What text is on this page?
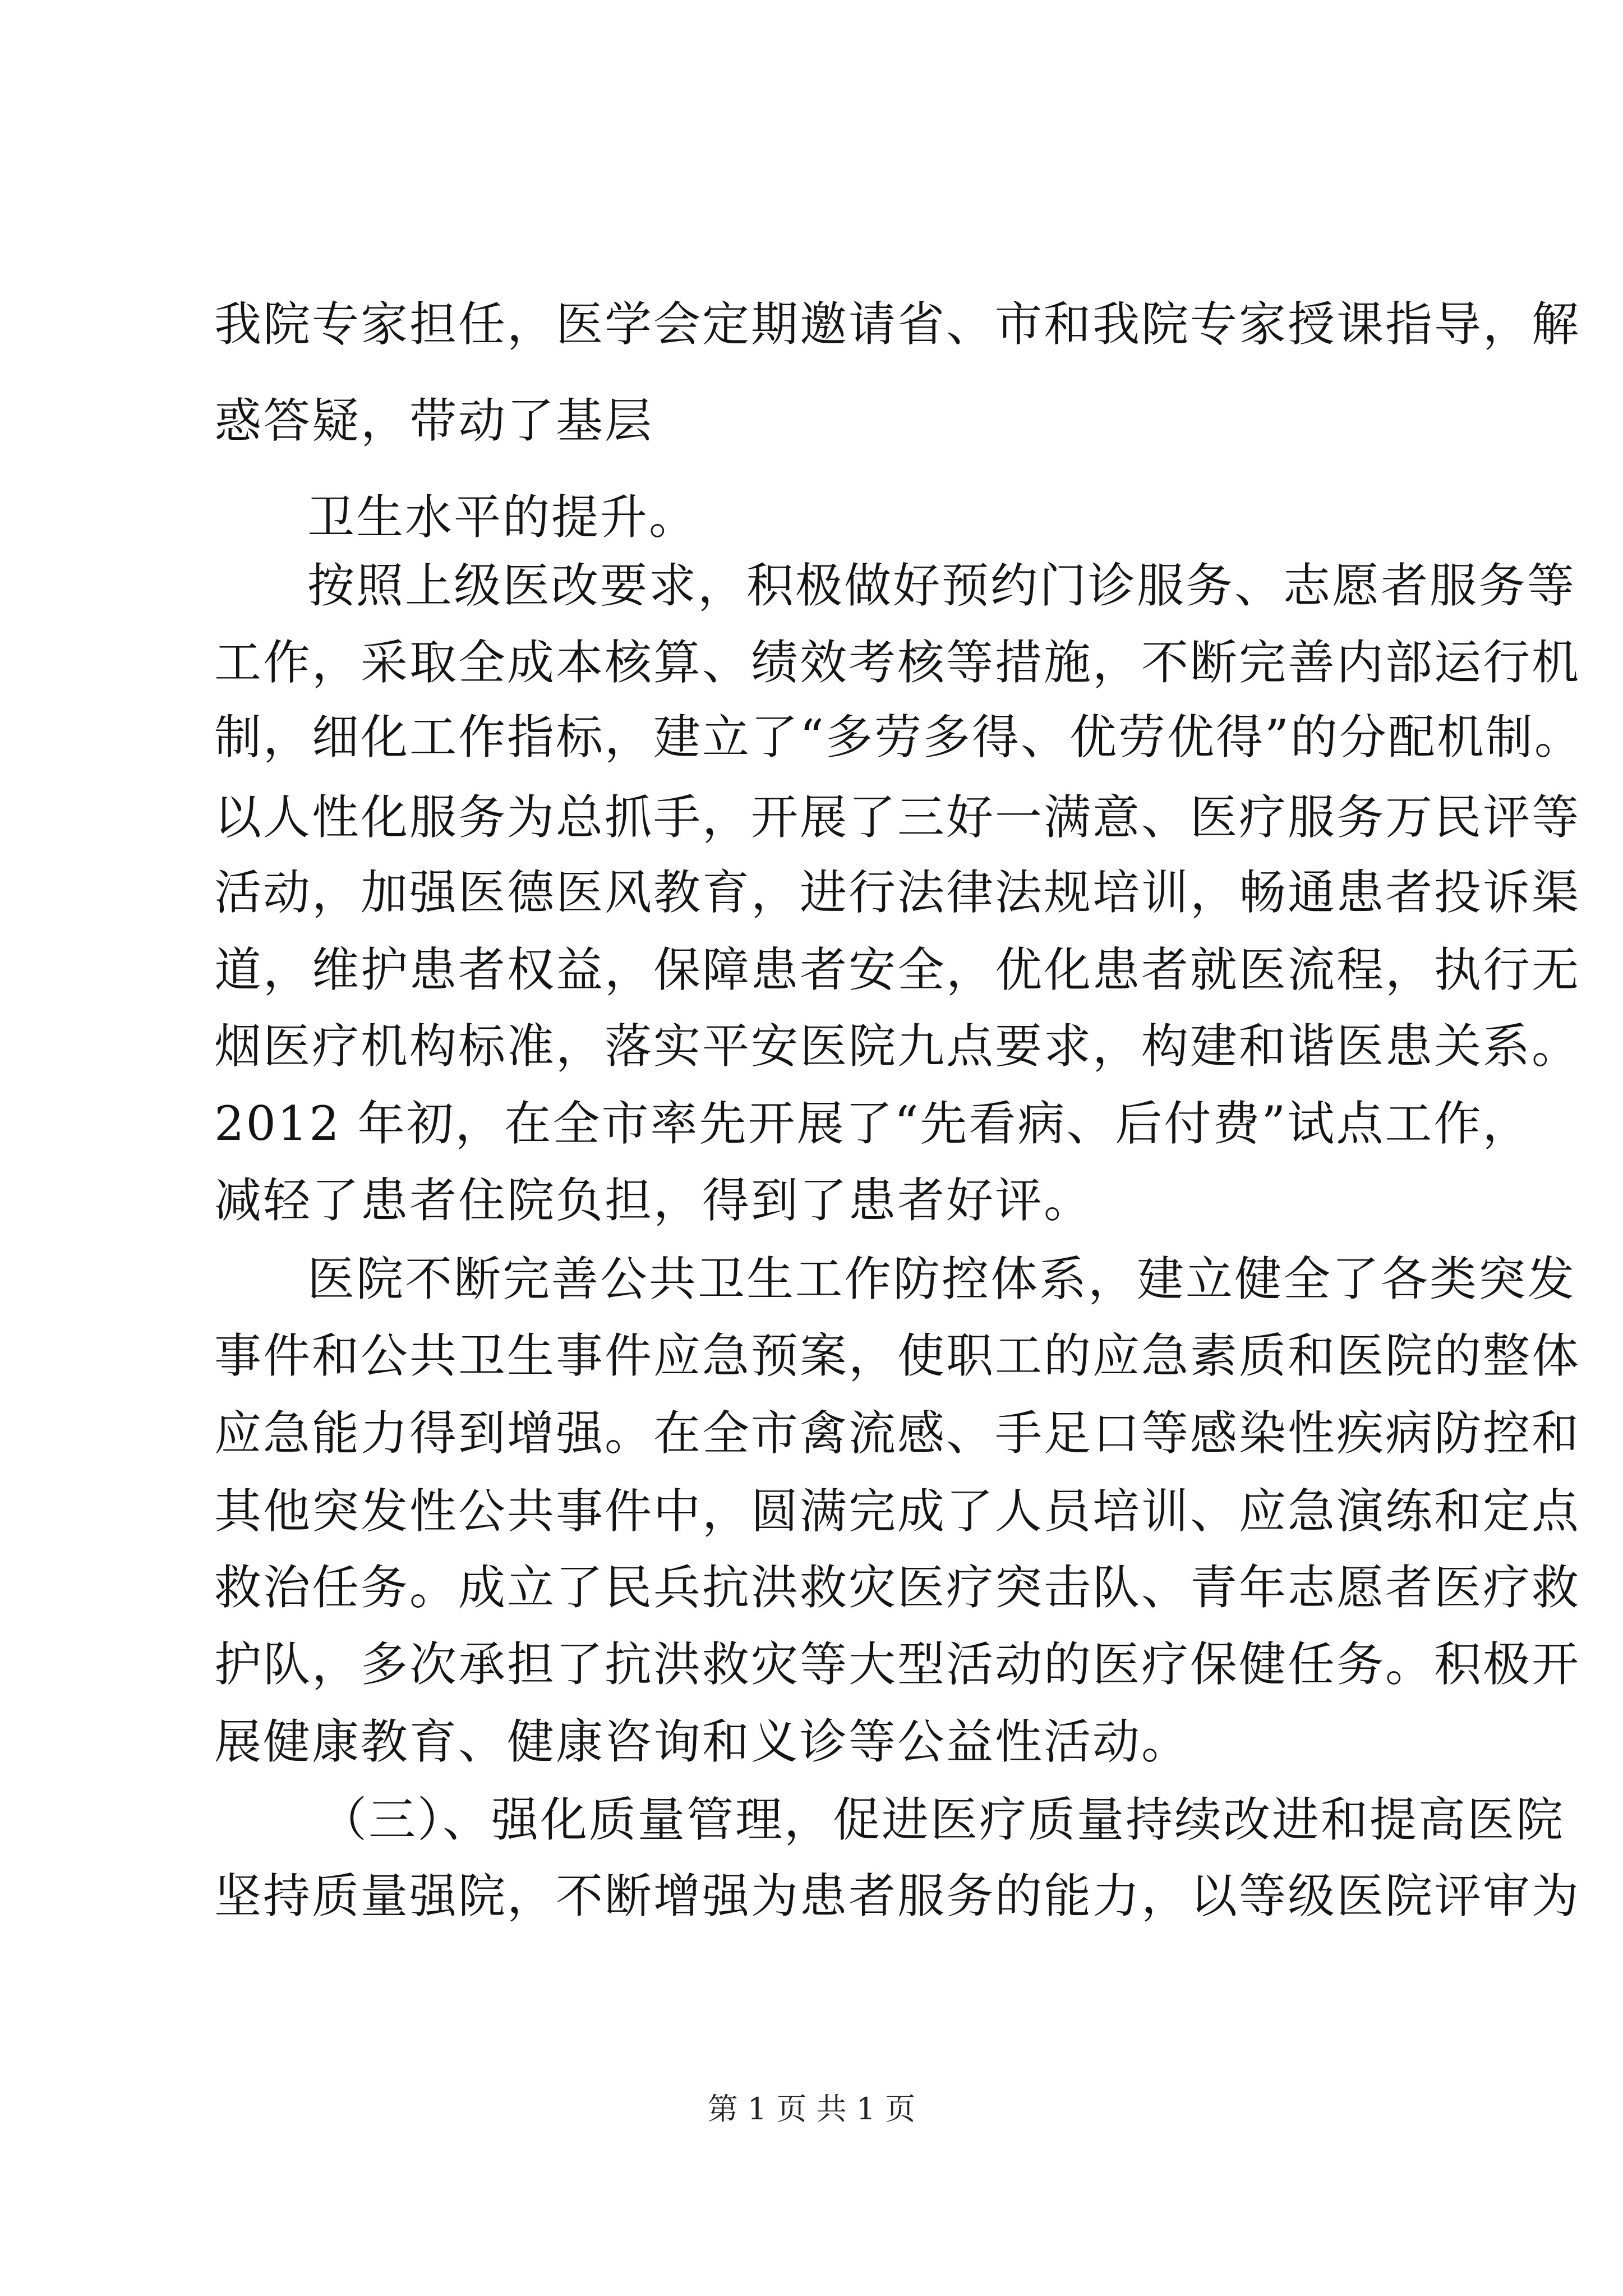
我院专家担任，医学会定期邀请省、市和我院专家授课指导，解
惑答疑，带动了基层
卫生水平的提升。
按照上级医改要求，积极做好预约门诊服务、志愿者服务等
工作，采取全成本核算、绩效考核等措施，不断完善内部运行机
制，细化工作指标，建立了“多劳多得、优劳优得”的分配机制。
以人性化服务为总抓手，开展了三好一满意、医疗服务万民评等
活动，加强医德医风教育，进行法律法规培训，畅通患者投诉渠
道，维护患者权益，保障患者安全，优化患者就医流程，执行无
烟医疗机构标准，落实平安医院九点要求，构建和谐医患关系。
2012 年初，在全市率先开展了“先看病、后付费”试点工作，
减轻了患者住院负担，得到了患者好评。
医院不断完善公共卫生工作防控体系，建立健全了各类突发
事件和公共卫生事件应急预案，使职工的应急素质和医院的整体
应急能力得到增强。在全市禽流感、手足口等感染性疾病防控和
其他突发性公共事件中，圆满完成了人员培训、应急演练和定点
救治任务。成立了民兵抗洪救灾医疗突击队、青年志愿者医疗救
护队，多次承担了抗洪救灾等大型活动的医疗保健任务。积极开
展健康教育、健康咨询和义诊等公益性活动。
（三）、强化质量管理，促进医疗质量持续改进和提高医院
坚持质量强院，不断增强为患者服务的能力，以等级医院评审为
第 1 页 共 1 页
